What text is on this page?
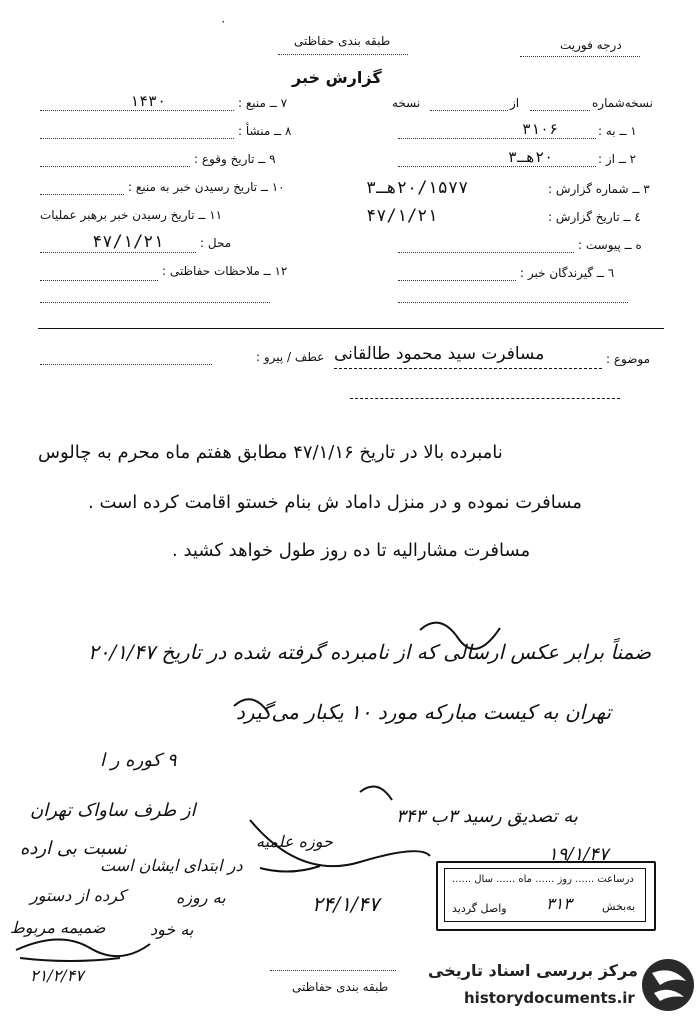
٠
طبقه بندی حفاظتی	درجه فوریت
گزارش خبر
نسخه‌شماره
از
نسخه
۱ ــ به :
۳۱۰۶
۲ ــ از :
۲۰هـ۳
۳ ــ شماره گزارش :
۲۰/۱۵۷۷هـ۳
٤ ــ تاریخ گزارش :
۴۷/۱/۲۱
ه ــ پیوست :
٦ ــ گیرندگان خبر :
۷ ــ منبع :
۱۴۳۰
۸ ــ منشأ :
۹ ــ تاریخ وقوع :
۱۰ ــ تاریخ رسیدن خبر به منبع :
۱۱ ــ تاریخ رسیدن خبر برهبر عملیات
محل :
۴۷/۱/۲۱
۱۲ ــ ملاحظات حفاظتی :
موضوع :
مسافرت سید محمود طالقانی
عطف / پیرو :
نامبرده بالا در تاریخ ۴۷/۱/۱۶ مطابق هفتم ماه محرم به چالوس
مسافرت نموده و در منزل داماد ش بنام خستو اقامت کرده است .
مسافرت مشارالیه تا ده روز طول خواهد کشید .
ضمناً برابر عکس ارسالی که از نامبرده گرفته شده در تاریخ ۲۰/۱/۴۷
تهران به کیست مبارکه مورد ۱۰ یکبار می‌گیرد
۹ کوره ر ا
به تصدیق رسید ۳ب ۳۴۳
از طرف ساواک تهران
حوزه علمیه
نسبت بی ارده
در ابتدای ایشان است
کرده از دستور	به روزه
ضمیمه مربوط	به خود
۲۴/۱/۴۷
۲۱/۲/۴۷
درساعت ...... روز ...... ماه ...... سال ......
۱۹/۱/۴۷
به‌بخش
۳۱۳
واصل گردید
طبقه بندی حفاظتی
مرکز بررسی اسناد تاریخی
historydocuments.ir
